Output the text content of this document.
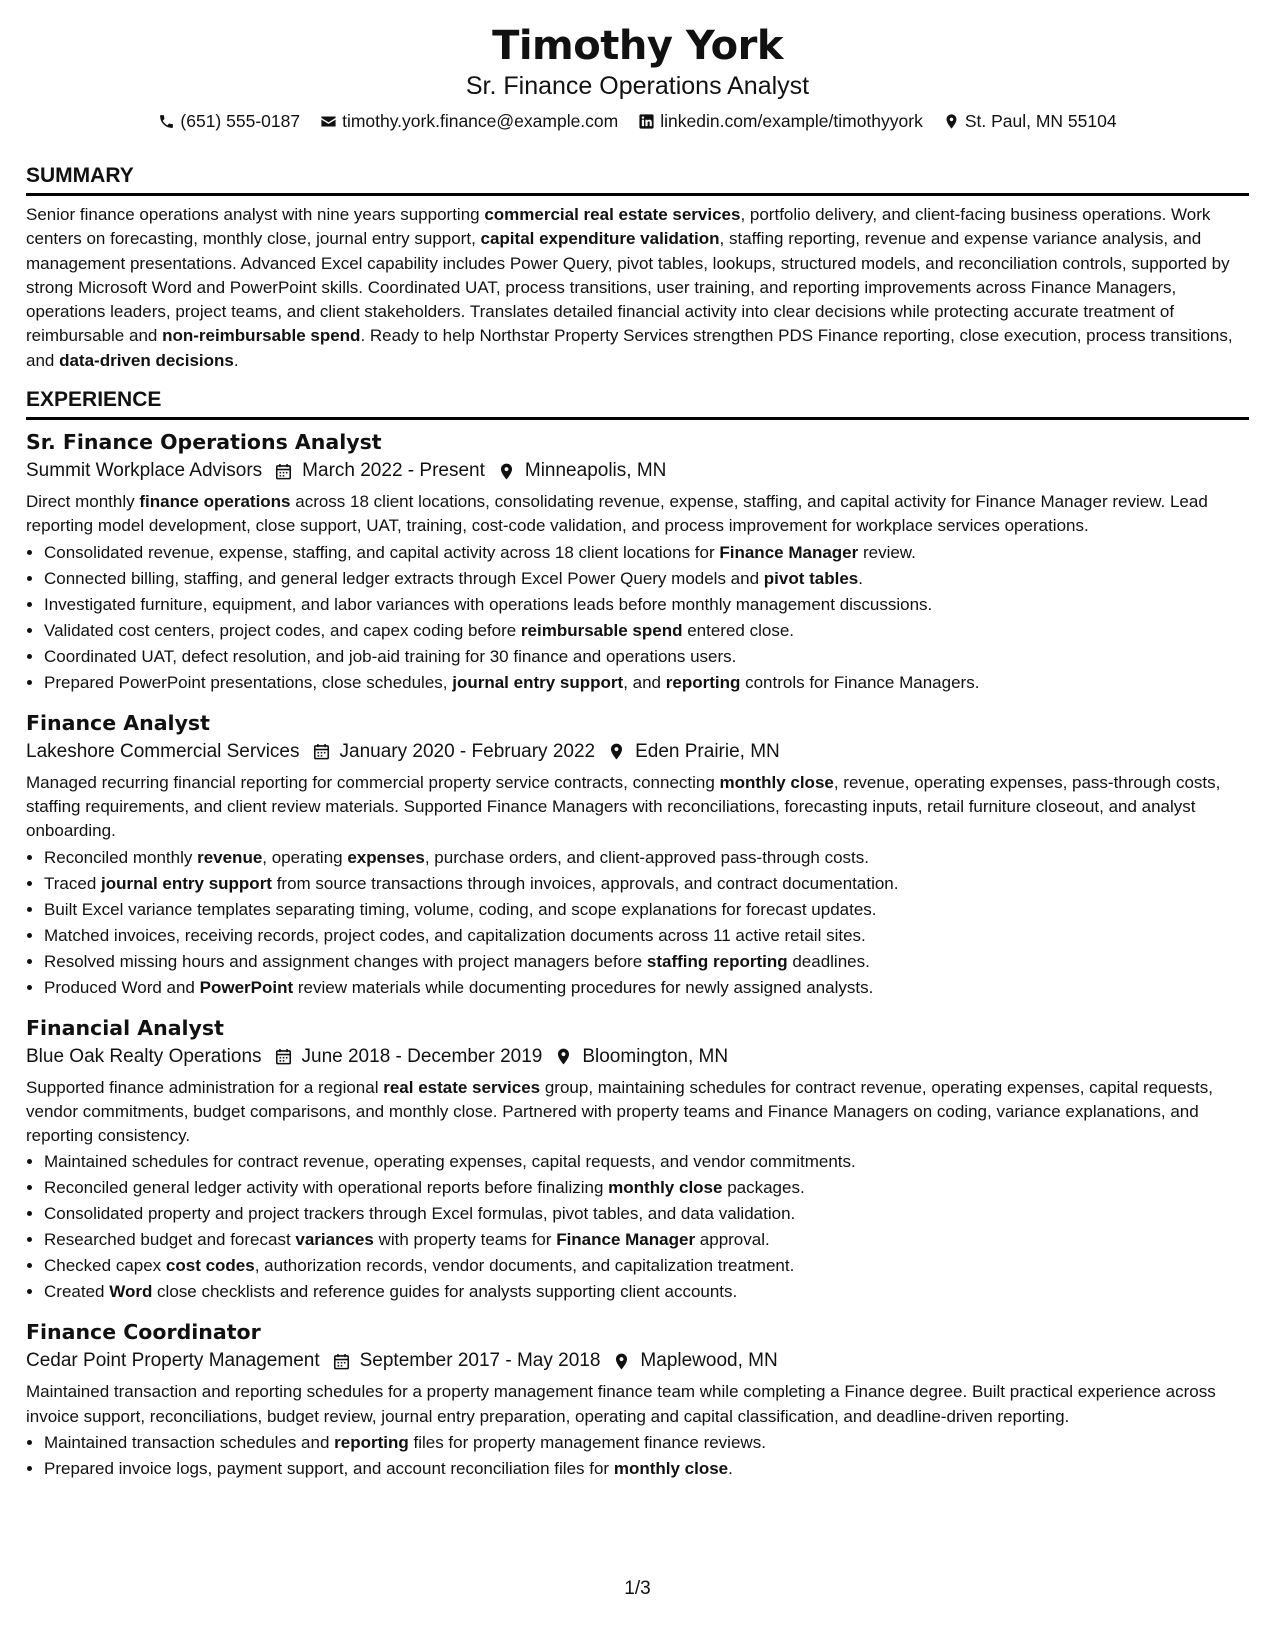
Timothy York
Sr. Finance Operations Analyst
(651) 555-0187 timothy.york.finance@example.com linkedin.com/example/timothyyork St. Paul, MN 55104
SUMMARY
Senior finance operations analyst with nine years supporting commercial real estate services, portfolio delivery, and client-facing business operations. Work centers on forecasting, monthly close, journal entry support, capital expenditure validation, staffing reporting, revenue and expense variance analysis, and management presentations. Advanced Excel capability includes Power Query, pivot tables, lookups, structured models, and reconciliation controls, supported by strong Microsoft Word and PowerPoint skills. Coordinated UAT, process transitions, user training, and reporting improvements across Finance Managers, operations leaders, project teams, and client stakeholders. Translates detailed financial activity into clear decisions while protecting accurate treatment of reimbursable and non-reimbursable spend. Ready to help Northstar Property Services strengthen PDS Finance reporting, close execution, process transitions, and data-driven decisions.
EXPERIENCE
Sr. Finance Operations Analyst
Summit Workplace Advisors March 2022 - Present Minneapolis, MN
Direct monthly finance operations across 18 client locations, consolidating revenue, expense, staffing, and capital activity for Finance Manager review. Lead reporting model development, close support, UAT, training, cost-code validation, and process improvement for workplace services operations.
• Consolidated revenue, expense, staffing, and capital activity across 18 client locations for Finance Manager review.
• Connected billing, staffing, and general ledger extracts through Excel Power Query models and pivot tables.
• Investigated furniture, equipment, and labor variances with operations leads before monthly management discussions.
• Validated cost centers, project codes, and capex coding before reimbursable spend entered close.
• Coordinated UAT, defect resolution, and job-aid training for 30 finance and operations users.
• Prepared PowerPoint presentations, close schedules, journal entry support, and reporting controls for Finance Managers.
Finance Analyst
Lakeshore Commercial Services January 2020 - February 2022 Eden Prairie, MN
Managed recurring financial reporting for commercial property service contracts, connecting monthly close, revenue, operating expenses, pass-through costs, staffing requirements, and client review materials. Supported Finance Managers with reconciliations, forecasting inputs, retail furniture closeout, and analyst onboarding.
• Reconciled monthly revenue, operating expenses, purchase orders, and client-approved pass-through costs.
• Traced journal entry support from source transactions through invoices, approvals, and contract documentation.
• Built Excel variance templates separating timing, volume, coding, and scope explanations for forecast updates.
• Matched invoices, receiving records, project codes, and capitalization documents across 11 active retail sites.
• Resolved missing hours and assignment changes with project managers before staffing reporting deadlines.
• Produced Word and PowerPoint review materials while documenting procedures for newly assigned analysts.
Financial Analyst
Blue Oak Realty Operations June 2018 - December 2019 Bloomington, MN
Supported finance administration for a regional real estate services group, maintaining schedules for contract revenue, operating expenses, capital requests, vendor commitments, budget comparisons, and monthly close. Partnered with property teams and Finance Managers on coding, variance explanations, and reporting consistency.
• Maintained schedules for contract revenue, operating expenses, capital requests, and vendor commitments.
• Reconciled general ledger activity with operational reports before finalizing monthly close packages.
• Consolidated property and project trackers through Excel formulas, pivot tables, and data validation.
• Researched budget and forecast variances with property teams for Finance Manager approval.
• Checked capex cost codes, authorization records, vendor documents, and capitalization treatment.
• Created Word close checklists and reference guides for analysts supporting client accounts.
Finance Coordinator
Cedar Point Property Management September 2017 - May 2018 Maplewood, MN
Maintained transaction and reporting schedules for a property management finance team while completing a Finance degree. Built practical experience across invoice support, reconciliations, budget review, journal entry preparation, operating and capital classification, and deadline-driven reporting.
• Maintained transaction schedules and reporting files for property management finance reviews.
• Prepared invoice logs, payment support, and account reconciliation files for monthly close.
1/3
